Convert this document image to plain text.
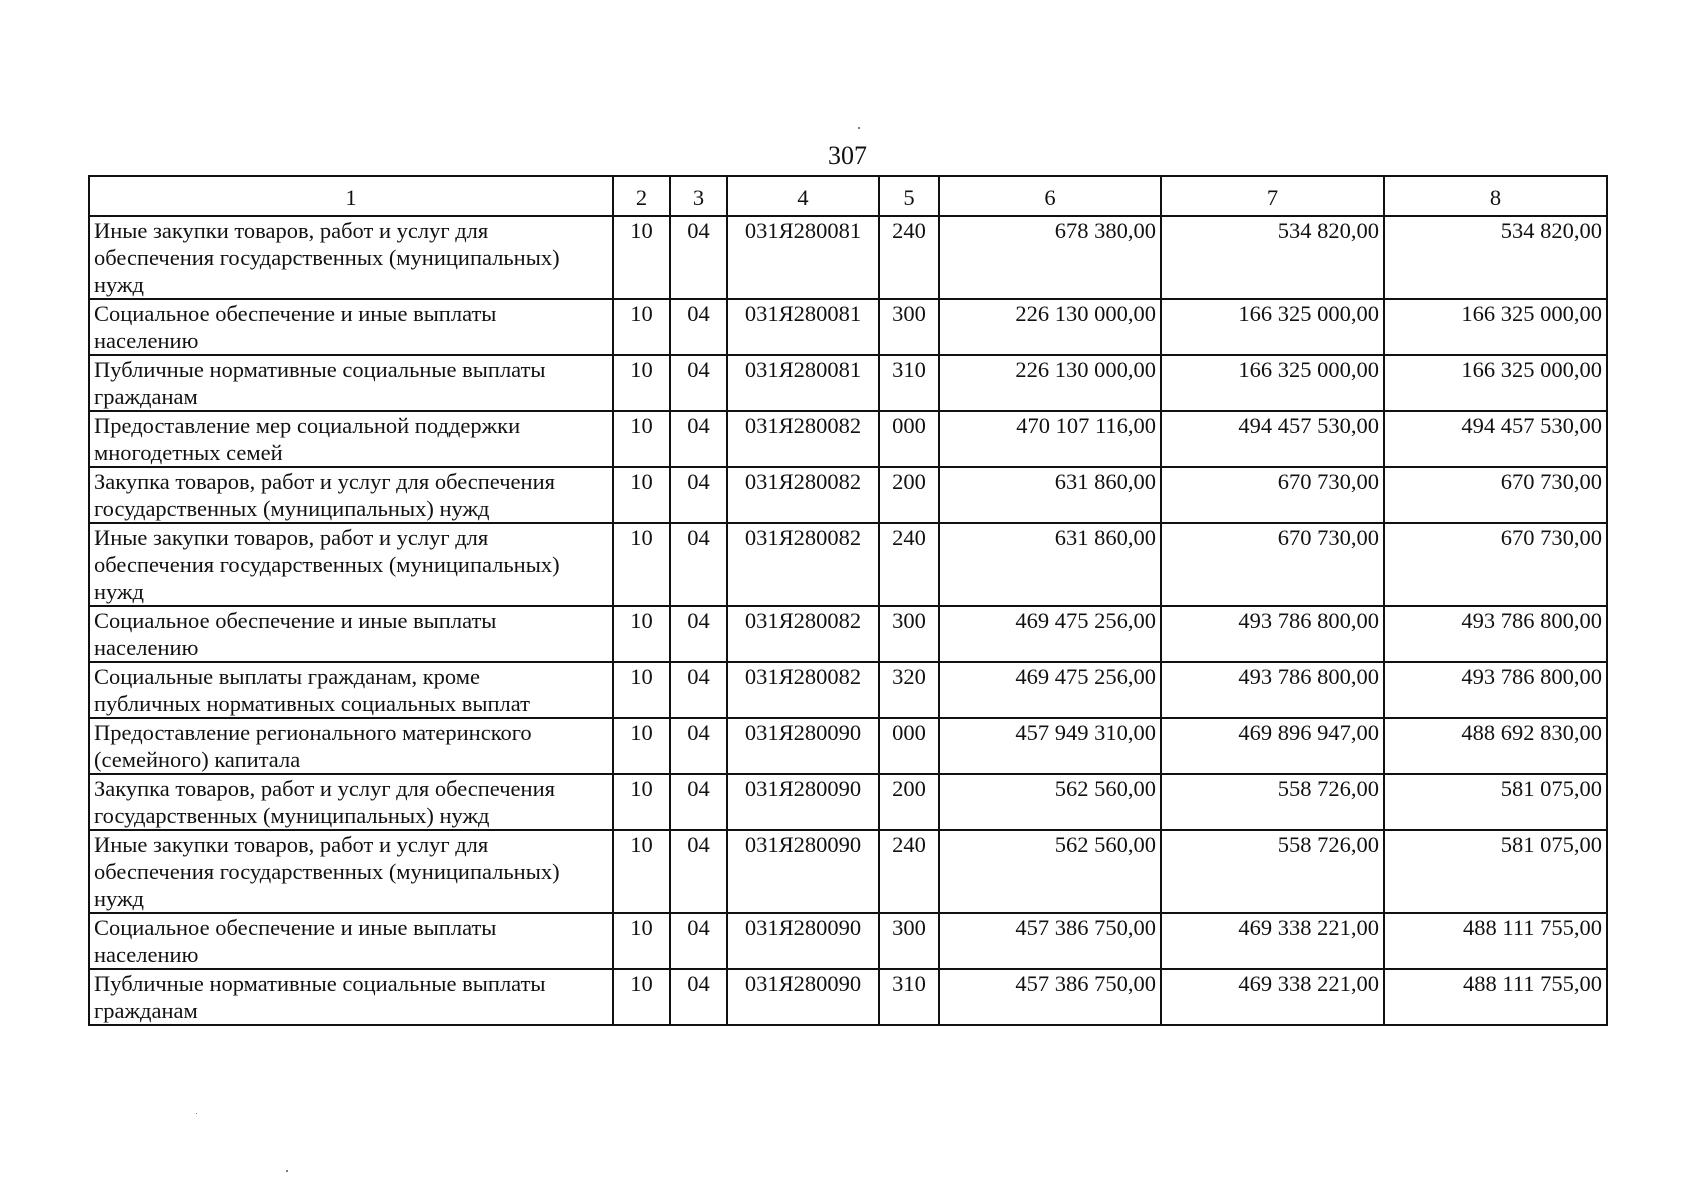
307
1	2	3	4	5	6	7	8
Иные закупки товаров, работ и услуг для
обеспечения государственных (муниципальных)
нужд	10	04	031Я280081	240	678 380,00	534 820,00	534 820,00
Социальное обеспечение и иные выплаты
населению	10	04	031Я280081	300	226 130 000,00	166 325 000,00	166 325 000,00
Публичные нормативные социальные выплаты
гражданам	10	04	031Я280081	310	226 130 000,00	166 325 000,00	166 325 000,00
Предоставление мер социальной поддержки
многодетных семей	10	04	031Я280082	000	470 107 116,00	494 457 530,00	494 457 530,00
Закупка товаров, работ и услуг для обеспечения
государственных (муниципальных) нужд	10	04	031Я280082	200	631 860,00	670 730,00	670 730,00
Иные закупки товаров, работ и услуг для
обеспечения государственных (муниципальных)
нужд	10	04	031Я280082	240	631 860,00	670 730,00	670 730,00
Социальное обеспечение и иные выплаты
населению	10	04	031Я280082	300	469 475 256,00	493 786 800,00	493 786 800,00
Социальные выплаты гражданам, кроме
публичных нормативных социальных выплат	10	04	031Я280082	320	469 475 256,00	493 786 800,00	493 786 800,00
Предоставление регионального материнского
(семейного) капитала	10	04	031Я280090	000	457 949 310,00	469 896 947,00	488 692 830,00
Закупка товаров, работ и услуг для обеспечения
государственных (муниципальных) нужд	10	04	031Я280090	200	562 560,00	558 726,00	581 075,00
Иные закупки товаров, работ и услуг для
обеспечения государственных (муниципальных)
нужд	10	04	031Я280090	240	562 560,00	558 726,00	581 075,00
Социальное обеспечение и иные выплаты
населению	10	04	031Я280090	300	457 386 750,00	469 338 221,00	488 111 755,00
Публичные нормативные социальные выплаты
гражданам	10	04	031Я280090	310	457 386 750,00	469 338 221,00	488 111 755,00
